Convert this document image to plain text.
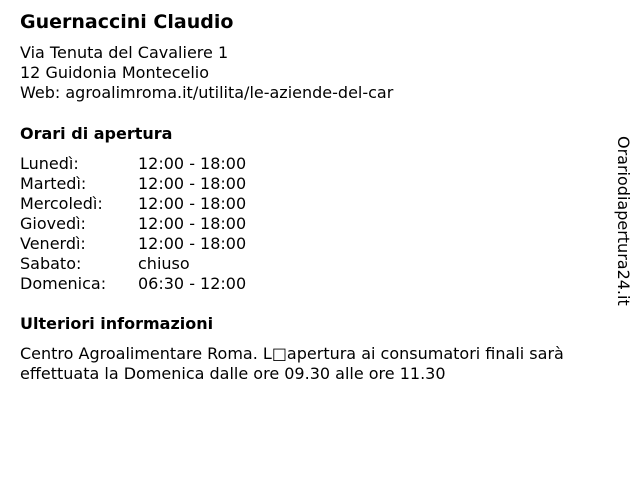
Guernaccini Claudio
Via Tenuta del Cavaliere 1
12 Guidonia Montecelio
Web: agroalimroma.it/utilita/le-aziende-del-car
Orari di apertura
Lunedì:	12:00 - 18:00
Martedì:	12:00 - 18:00
Mercoledì:	12:00 - 18:00
Giovedì:	12:00 - 18:00
Venerdì:	12:00 - 18:00
Sabato:	chiuso
Domenica:	06:30 - 12:00
Ulteriori informazioni
Centro Agroalimentare Roma. L□apertura ai consumatori finali sarà
effettuata la Domenica dalle ore 09.30 alle ore 11.30
Orariodiapertura24.it
